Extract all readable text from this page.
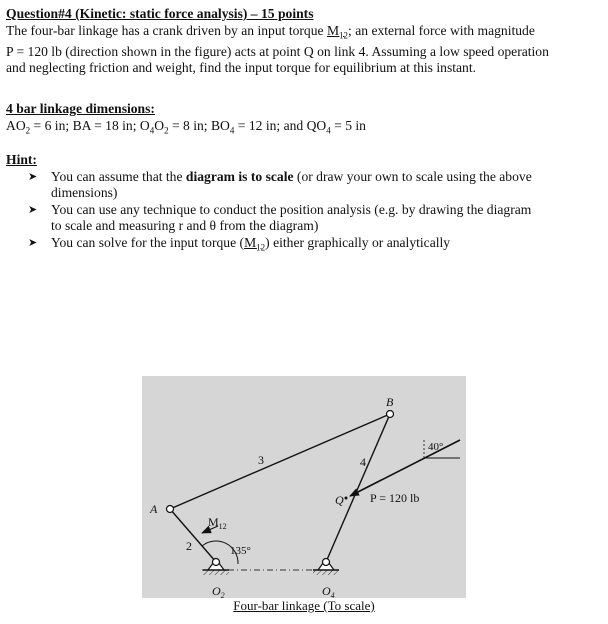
Question#4 (Kinetic: static force analysis) – 15 points
The four-bar linkage has a crank driven by an input torque $M_{12}$; an external force with magnitude
P = 120 lb (direction shown in the figure) acts at point Q on link 4. Assuming a low speed operation
and neglecting friction and weight, find the input torque for equilibrium at this instant.
4 bar linkage dimensions:
$AO_2 = 6$ in; BA = 18 in; $O_4O_2 = 8$ in; $BO_4 = 12$ in; and $QO_4 = 5$ in
Hint:
➤ You can assume that the diagram is to scale (or draw your own to scale using the above
dimensions)
➤ You can use any technique to conduct the position analysis (e.g. by drawing the diagram
to scale and measuring r and θ from the diagram)
➤ You can solve for the input torque $(M_{12})$ either graphically or analytically
A
B
Q
3	4
2
$M_{12}$
135°
40°
P = 120 lb
$O_2$	$O_4$
Four-bar linkage (To scale)
